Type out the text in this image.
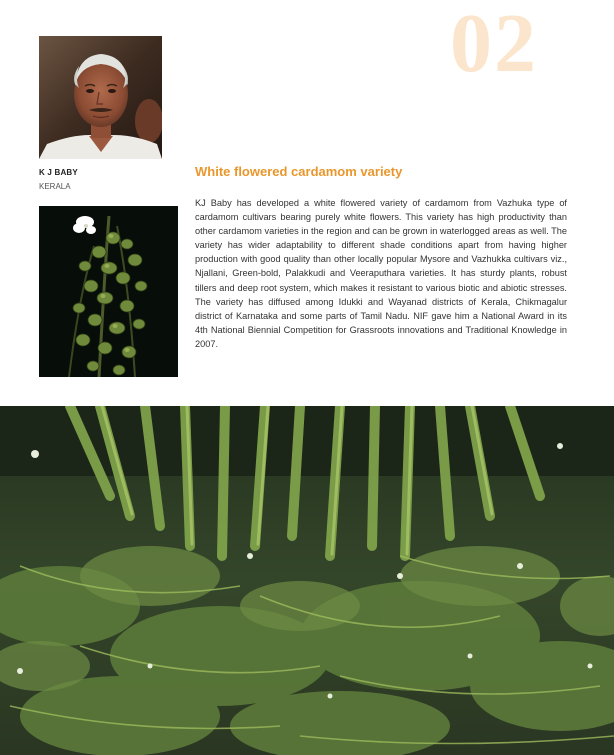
02
K J BABY
KERALA
White flowered cardamom variety

KJ Baby has developed a white flowered variety of cardamom from Vazhuka type of cardamom cultivars bearing purely white flowers. This variety has high productivity than other cardamom varieties in the region and can be grown in waterlogged areas as well. The variety has wider adaptability to different shade conditions apart from having higher production with good quality than other locally popular Mysore and Vazhukka cultivars viz., Njallani, Green-bold, Palakkudi and Veeraputhara varieties. It has sturdy plants, robust tillers and deep root system, which makes it resistant to various biotic and abiotic stresses. The variety has diffused among Idukki and Wayanad districts of Kerala, Chikmagalur district of Karnataka and some parts of Tamil Nadu. NIF gave him a National Award in its 4th National Biennial Competition for Grassroots innovations and Traditional Knowledge in 2007.
